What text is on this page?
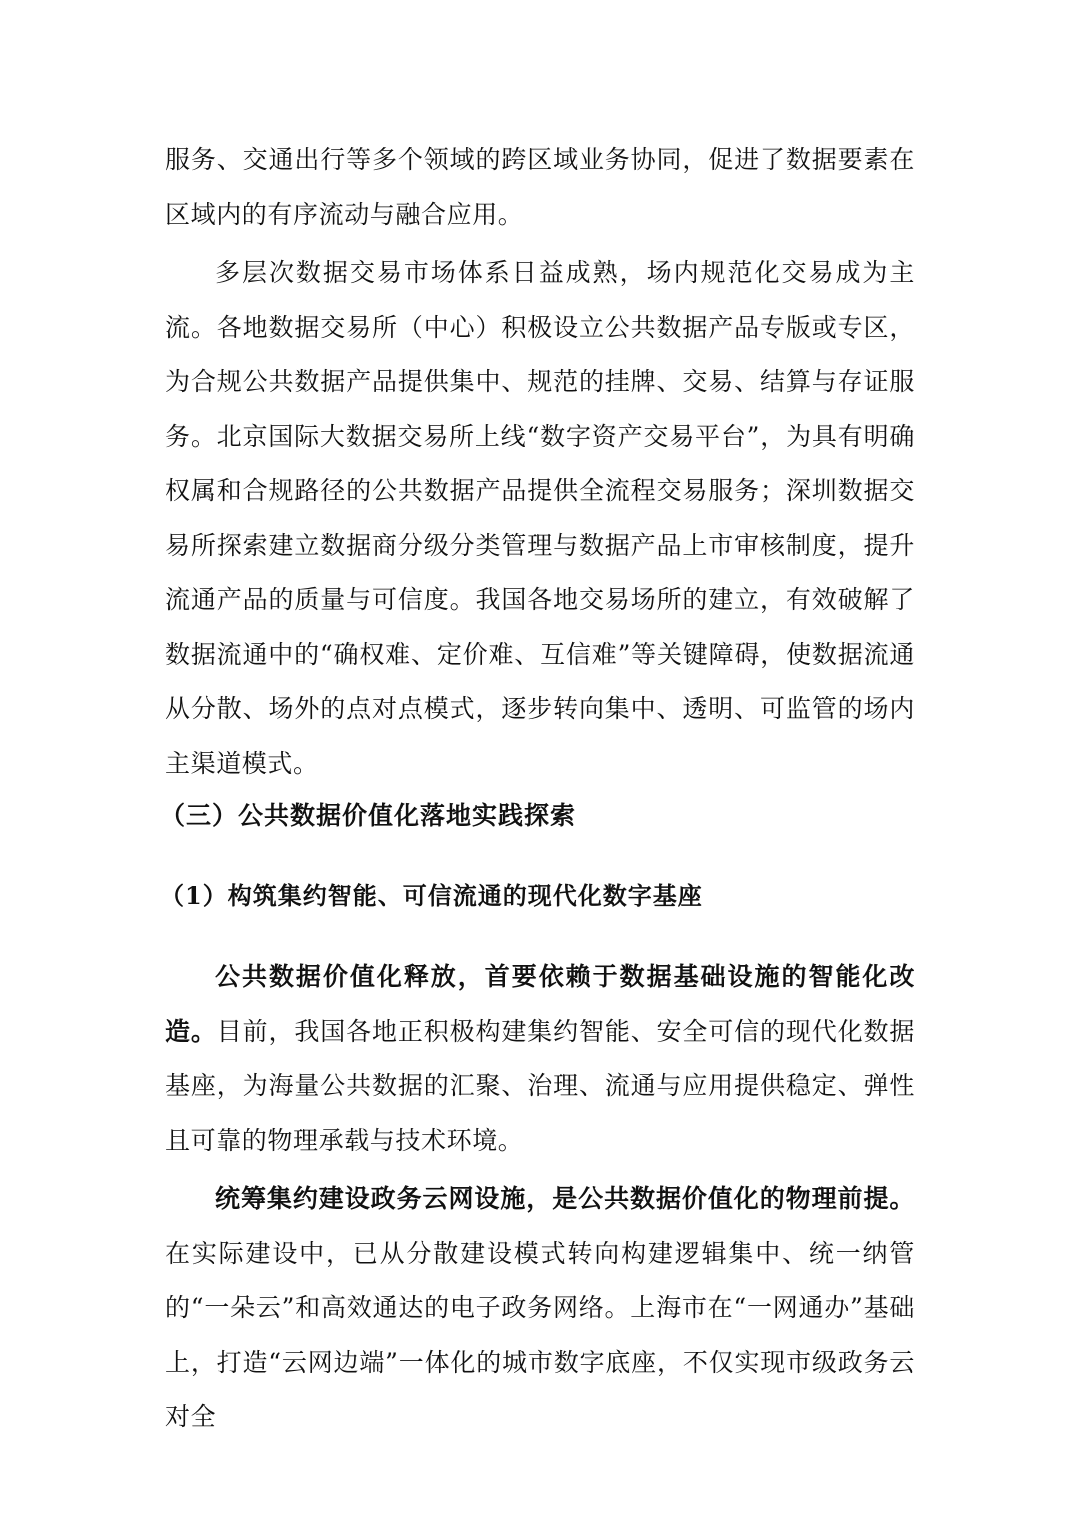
服务、交通出行等多个领域的跨区域业务协同，促进了数据要素在区域内的有序流动与融合应用。

多层次数据交易市场体系日益成熟，场内规范化交易成为主流。各地数据交易所（中心）积极设立公共数据产品专版或专区，为合规公共数据产品提供集中、规范的挂牌、交易、结算与存证服务。北京国际大数据交易所上线“数字资产交易平台”，为具有明确权属和合规路径的公共数据产品提供全流程交易服务；深圳数据交易所探索建立数据商分级分类管理与数据产品上市审核制度，提升流通产品的质量与可信度。我国各地交易场所的建立，有效破解了数据流通中的“确权难、定价难、互信难”等关键障碍，使数据流通从分散、场外的点对点模式，逐步转向集中、透明、可监管的场内主渠道模式。

（三）公共数据价值化落地实践探索
（1）构筑集约智能、可信流通的现代化数字基座

公共数据价值化释放，首要依赖于数据基础设施的智能化改造。目前，我国各地正积极构建集约智能、安全可信的现代化数据基座，为海量公共数据的汇聚、治理、流通与应用提供稳定、弹性且可靠的物理承载与技术环境。

统筹集约建设政务云网设施，是公共数据价值化的物理前提。在实际建设中，已从分散建设模式转向构建逻辑集中、统一纳管的“一朵云”和高效通达的电子政务网络。上海市在“一网通办”基础上，打造“云网边端”一体化的城市数字底座，不仅实现市级政务云对全
